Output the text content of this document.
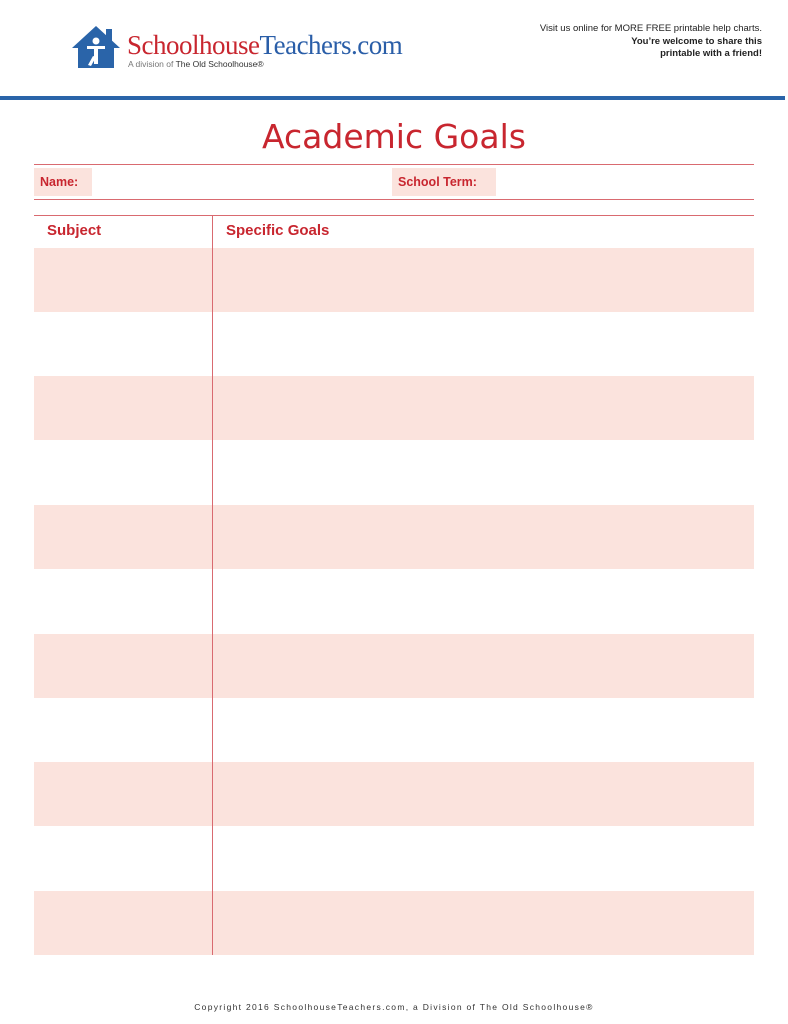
SchoolhouseTeachers.com
A division of The Old Schoolhouse®
Visit us online for MORE FREE printable help charts.
You’re welcome to share this
printable with a friend!
Academic Goals
Name:	School Term:
Subject	Specific Goals
Copyright 2016 SchoolhouseTeachers.com, a Division of The Old Schoolhouse®
